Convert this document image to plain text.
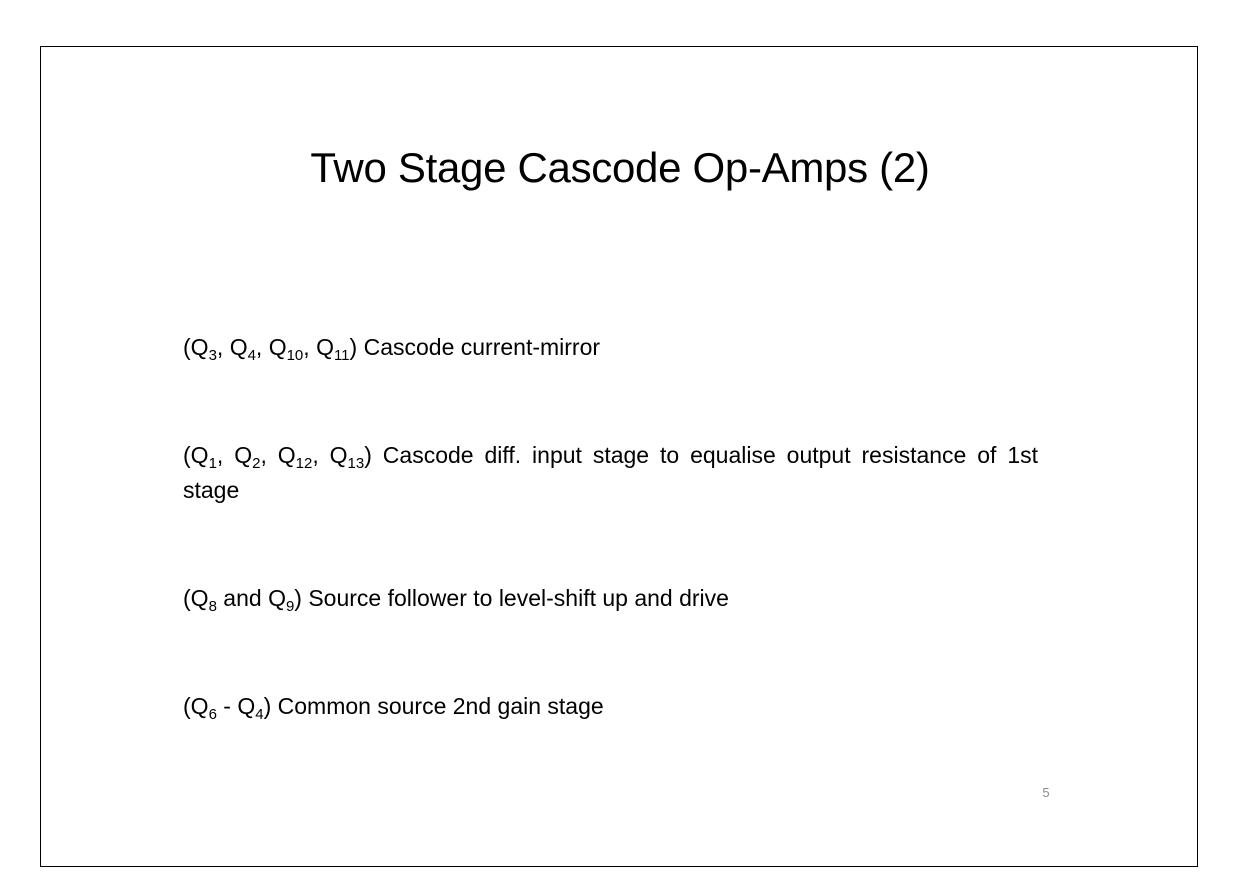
Two Stage Cascode Op-Amps (2)
($Q_3$, $Q_4$, $Q_{10}$, $Q_{11}$) Cascode current-mirror
($Q_1$, $Q_2$, $Q_{12}$, $Q_{13}$) Cascode diff. input stage to equalise output resistance of 1st stage
($Q_8$ and $Q_9$) Source follower to level-shift up and drive
$(Q_6 - Q_4)$ Common source 2nd gain stage
5
